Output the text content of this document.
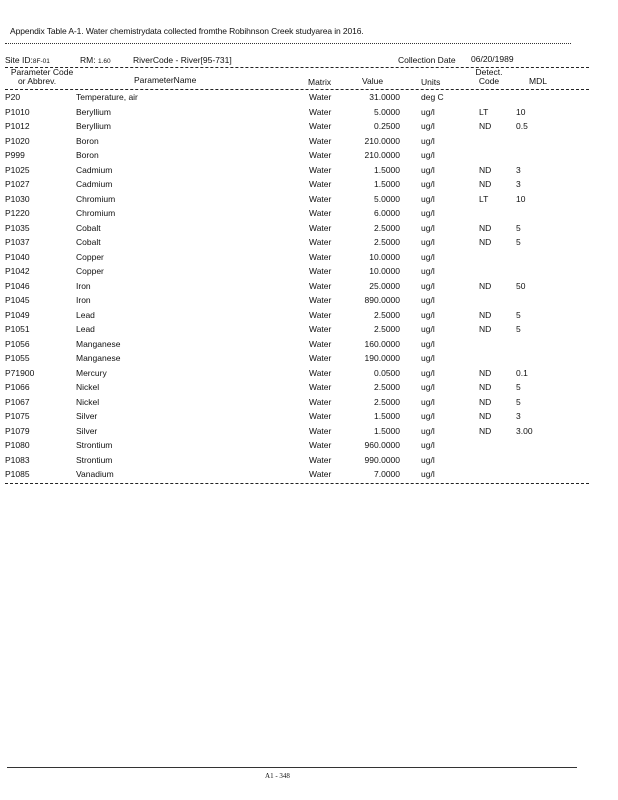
Appendix Table A-1. Water chemistrydata collected fromthe Robihnson Creek studyarea in 2016.
Site ID:8F-01	RM: 1.60	RiverCode - River[95-731]	Collection Date 06/20/1989
Parameter Code
or Abbrev.	ParameterName	Matrix	Value	Units
Detect.
Code	MDL
P20	Temperature, air	Water	31.0000 deg C
P1010	Beryllium	Water	5.0000 ug/l	LT	10
P1012	Beryllium	Water	0.2500 ug/l	ND	0.5
P1020	Boron	Water	210.0000 ug/l
P999	Boron	Water	210.0000 ug/l
P1025	Cadmium	Water	1.5000 ug/l	ND	3
P1027	Cadmium	Water	1.5000 ug/l	ND	3
P1030	Chromium	Water	5.0000 ug/l	LT	10
P1220	Chromium	Water	6.0000 ug/l
P1035	Cobalt	Water	2.5000 ug/l	ND	5
P1037	Cobalt	Water	2.5000 ug/l	ND	5
P1040	Copper	Water	10.0000 ug/l
P1042	Copper	Water	10.0000 ug/l
P1046	Iron	Water	25.0000 ug/l	ND	50
P1045	Iron	Water	890.0000 ug/l
P1049	Lead	Water	2.5000 ug/l	ND	5
P1051	Lead	Water	2.5000 ug/l	ND	5
P1056	Manganese	Water	160.0000 ug/l
P1055	Manganese	Water	190.0000 ug/l
P71900	Mercury	Water	0.0500 ug/l	ND	0.1
P1066	Nickel	Water	2.5000 ug/l	ND	5
P1067	Nickel	Water	2.5000 ug/l	ND	5
P1075	Silver	Water	1.5000 ug/l	ND	3
P1079	Silver	Water	1.5000 ug/l	ND	3.00
P1080	Strontium	Water	960.0000 ug/l
P1083	Strontium	Water	990.0000 ug/l
P1085	Vanadium	Water	7.0000 ug/l
A1 - 348
